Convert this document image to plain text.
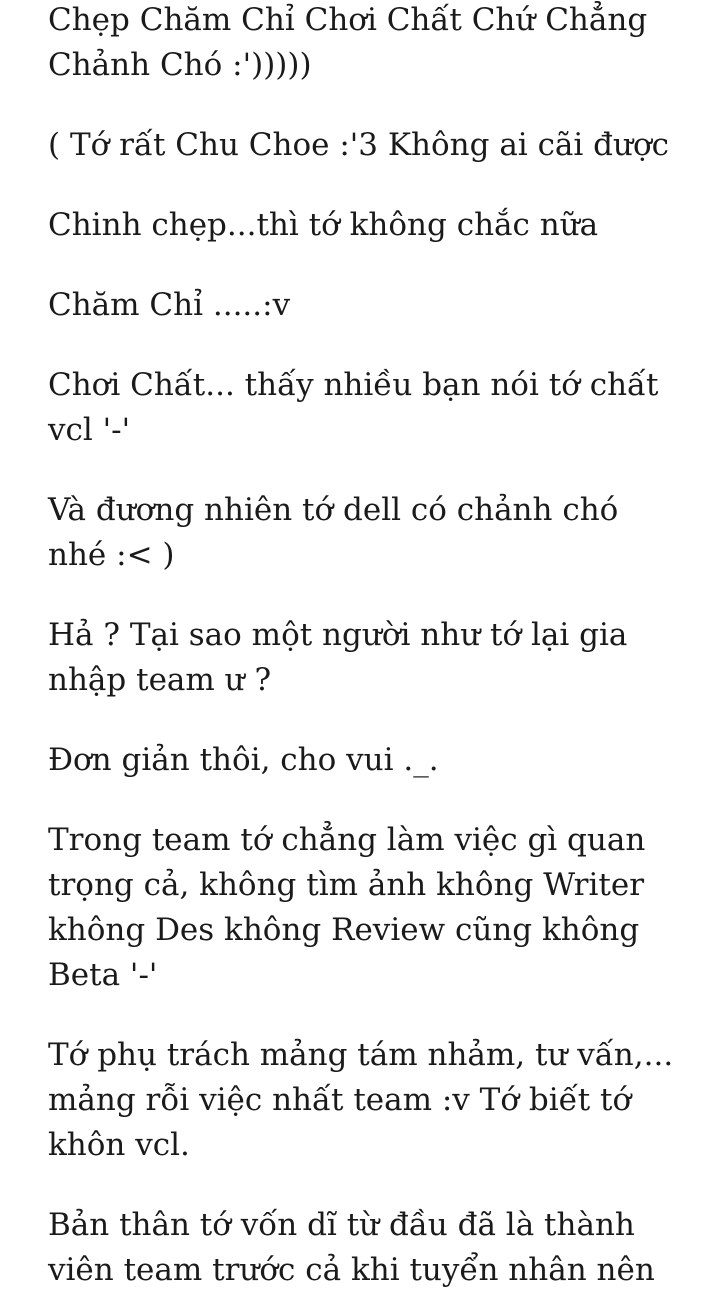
Chẹp Chăm Chỉ Chơi Chất Chứ Chẳng
Chảnh Chó :')))))
( Tớ rất Chu Choe :'3 Không ai cãi được
Chinh chẹp...thì tớ không chắc nữa
Chăm Chỉ .....:v
Chơi Chất... thấy nhiều bạn nói tớ chất
vcl '-'
Và đương nhiên tớ dell có chảnh chó
nhé :< )
Hả ? Tại sao một người như tớ lại gia
nhập team ư ?
Đơn giản thôi, cho vui ._.
Trong team tớ chẳng làm việc gì quan
trọng cả, không tìm ảnh không Writer
không Des không Review cũng không
Beta '-'
Tớ phụ trách mảng tám nhảm, tư vấn,...
mảng rỗi việc nhất team :v Tớ biết tớ
khôn vcl.
Bản thân tớ vốn dĩ từ đầu đã là thành
viên team trước cả khi tuyển nhân nên
